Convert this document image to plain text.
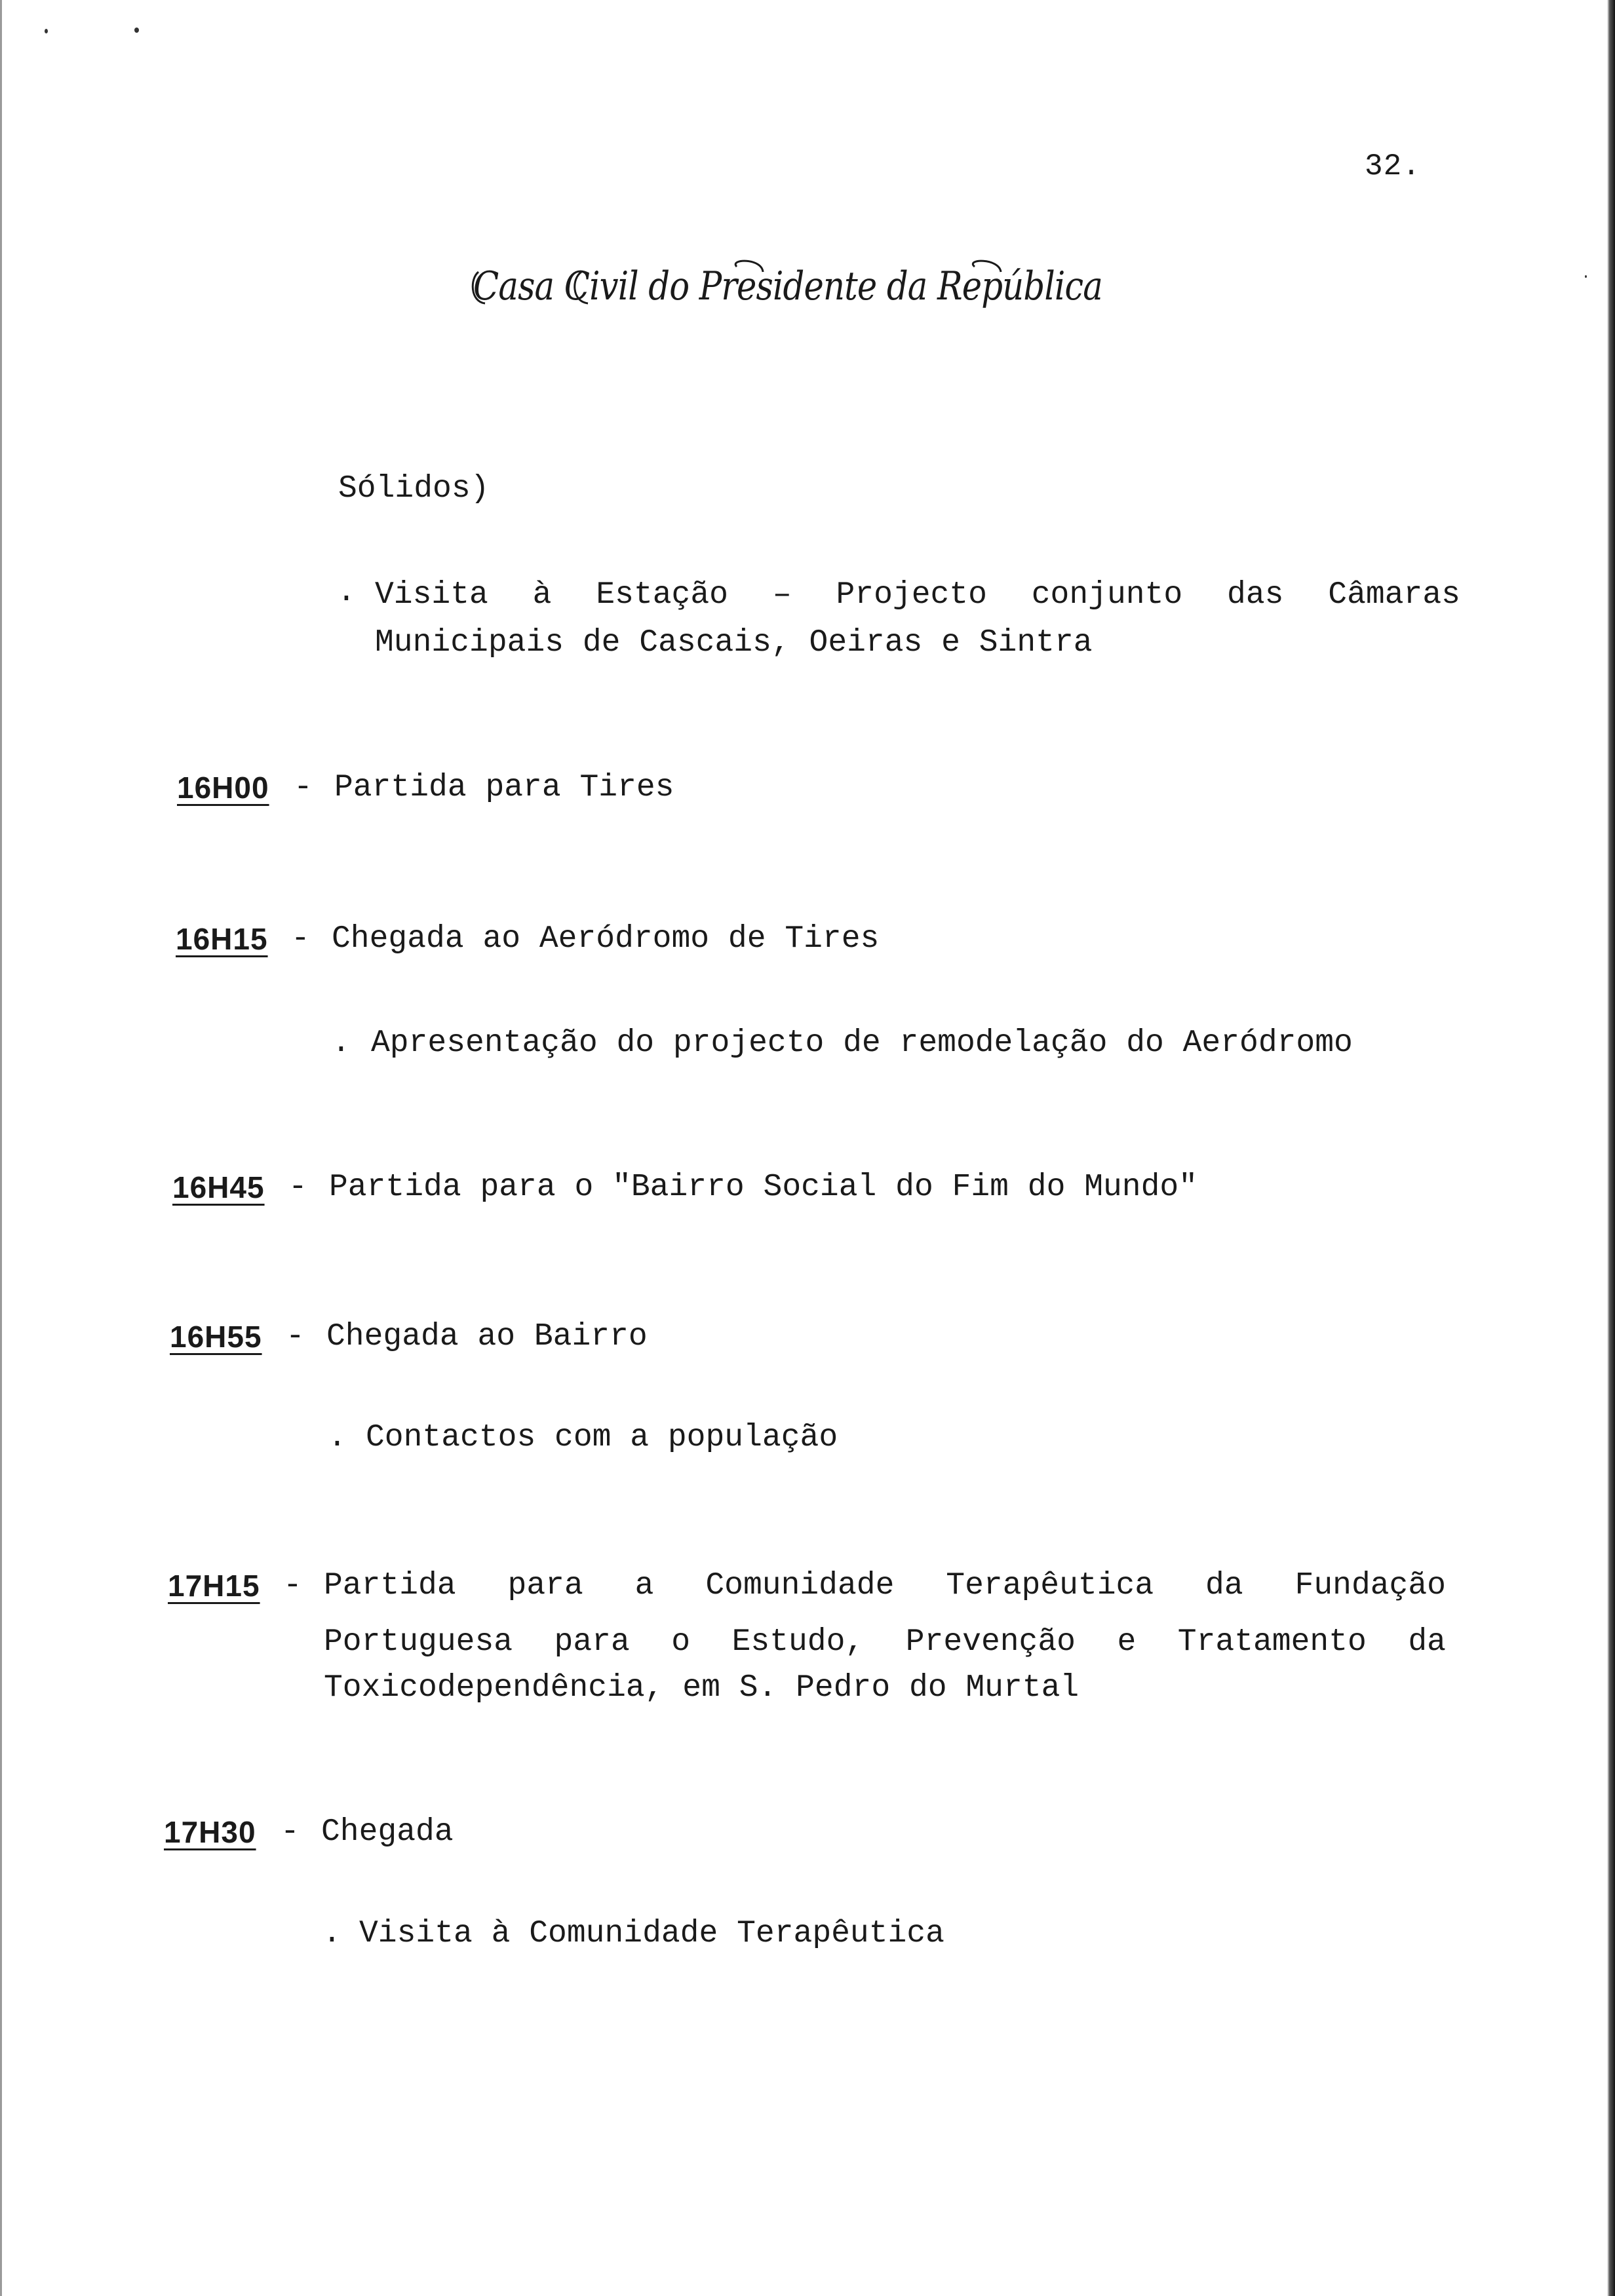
32.
Casa Civil do Presidente da República
Sólidos)
. Visita à Estação – Projecto conjunto das Câmaras
Municipais de Cascais, Oeiras e Sintra
16H00 - Partida para Tires
16H15 - Chegada ao Aeródromo de Tires
. Apresentação do projecto de remodelação do Aeródromo
16H45 - Partida para o "Bairro Social do Fim do Mundo"
16H55 - Chegada ao Bairro
. Contactos com a população
17H15 - Partida para a Comunidade Terapêutica da Fundação
Portuguesa para o Estudo, Prevenção e Tratamento da
Toxicodependência, em S. Pedro do Murtal
17H30 - Chegada
. Visita à Comunidade Terapêutica
